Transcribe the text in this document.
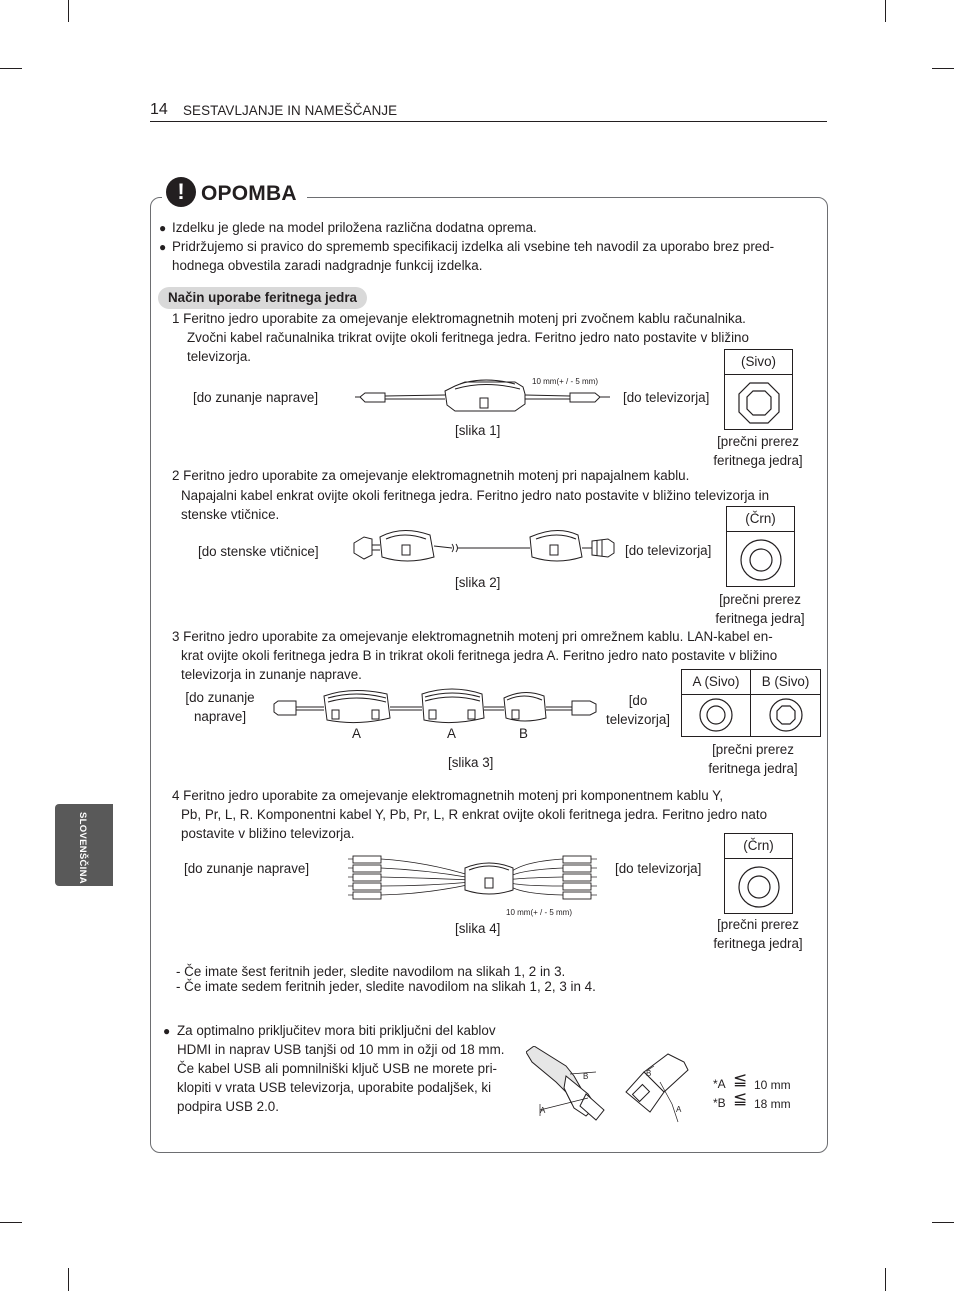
14 SESTAVLJANJE IN NAMEŠČANJE
SLOVENŠČINA
! OPOMBA
● Izdelku je glede na model priložena različna dodatna oprema.
● Pridržujemo si pravico do sprememb specifikacij izdelka ali vsebine teh navodil za uporabo brez pred-
hodnega obvestila zaradi nadgradnje funkcij izdelka.
Način uporabe feritnega jedra
1 Feritno jedro uporabite za omejevanje elektromagnetnih motenj pri zvočnem kablu računalnika.
Zvočni kabel računalnika trikrat ovijte okoli feritnega jedra. Feritno jedro nato postavite v bližino
televizorja.
[do zunanje naprave]	[do televizorja]
10 mm(+ / - 5 mm)
[slika 1]
(Sivo)
[prečni prerez
feritnega jedra]
2 Feritno jedro uporabite za omejevanje elektromagnetnih motenj pri napajalnem kablu.
Napajalni kabel enkrat ovijte okoli feritnega jedra. Feritno jedro nato postavite v bližino televizorja in
stenske vtičnice.
[do stenske vtičnice]	[do televizorja]
[slika 2]
(Črn)
[prečni prerez
feritnega jedra]
3 Feritno jedro uporabite za omejevanje elektromagnetnih motenj pri omrežnem kablu. LAN-kabel en-
krat ovijte okoli feritnega jedra B in trikrat okoli feritnega jedra A. Feritno jedro nato postavite v bližino
televizorja in zunanje naprave.
[do zunanje
naprave]
[do
televizorja]
A	A	B
[slika 3]
A (Sivo)	B (Sivo)
[prečni prerez
feritnega jedra]
4 Feritno jedro uporabite za omejevanje elektromagnetnih motenj pri komponentnem kablu Y,
Pb, Pr, L, R. Komponentni kabel Y, Pb, Pr, L, R enkrat ovijte okoli feritnega jedra. Feritno jedro nato
postavite v bližino televizorja.
[do zunanje naprave]	[do televizorja]
10 mm(+ / - 5 mm)
[slika 4]
(Črn)
[prečni prerez
feritnega jedra]
- Če imate šest feritnih jeder, sledite navodilom na slikah 1, 2 in 3.
- Če imate sedem feritnih jeder, sledite navodilom na slikah 1, 2, 3 in 4.
● Za optimalno priključitev mora biti priključni del kablov
HDMI in naprav USB tanjši od 10 mm in ožji od 18 mm.
Če kabel USB ali pomnilniški ključ USB ne morete pri-
klopiti v vrata USB televizorja, uporabite podaljšek, ki
podpira USB 2.0.
B
A
B
A
*A ≦ 10 mm
*B ≦ 18 mm
